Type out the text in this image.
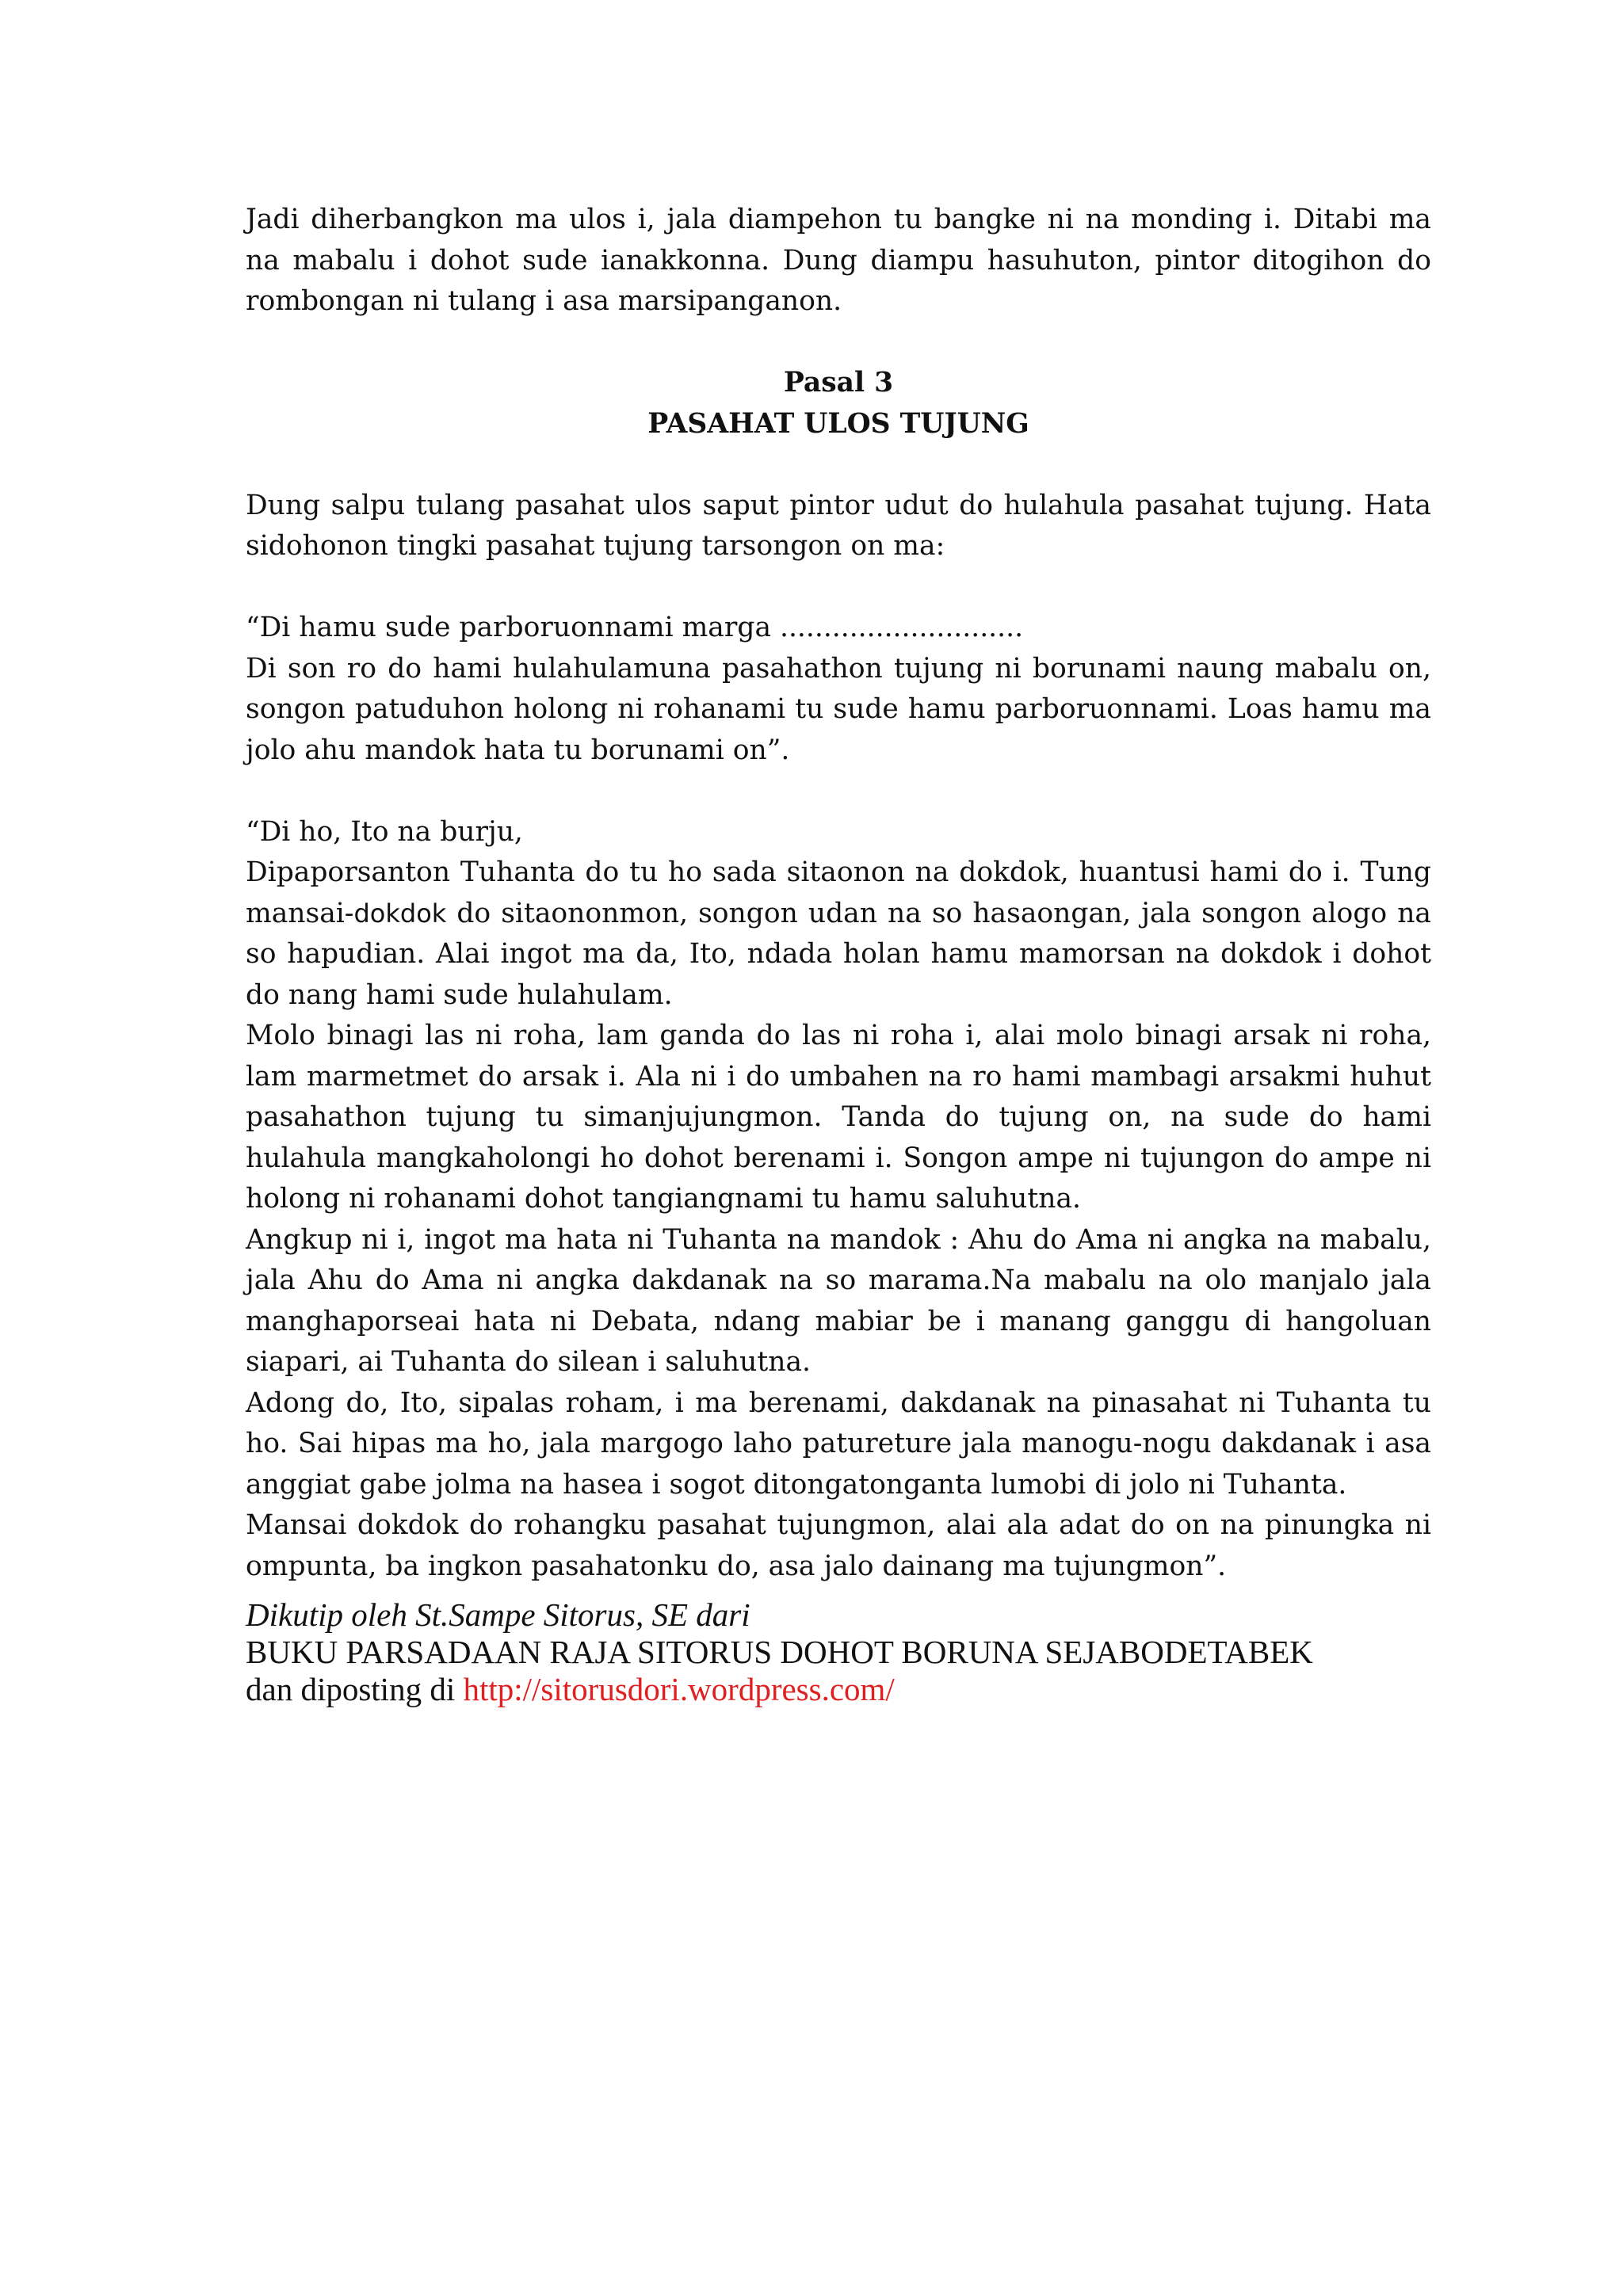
Jadi diherbangkon ma ulos i, jala diampehon tu bangke ni na monding i. Ditabi ma na mabalu i dohot sude ianakkonna. Dung diampu hasuhuton, pintor ditogihon do rombongan ni tulang i asa marsipanganon.

Pasal 3

PASAHAT ULOS TUJUNG

Dung salpu tulang pasahat ulos saput pintor udut do hulahula pasahat tujung. Hata sidohonon tingki pasahat tujung tarsongon on ma:

“Di hamu sude parboruonnami marga ............................

Di son ro do hami hulahulamuna pasahathon tujung ni borunami naung mabalu on, songon patuduhon holong ni rohanami tu sude hamu parboruonnami. Loas hamu ma jolo ahu mandok hata tu borunami on”.

“Di ho, Ito na burju,

Dipaporsanton Tuhanta do tu ho sada sitaonon na dokdok, huantusi hami do i. Tung mansai-dokdok do sitaononmon, songon udan na so hasaongan, jala songon alogo na so hapudian. Alai ingot ma da, Ito, ndada holan hamu mamorsan na dokdok i dohot do nang hami sude hulahulam.

Molo binagi las ni roha, lam ganda do las ni roha i, alai molo binagi arsak ni roha, lam marmetmet do arsak i. Ala ni i do umbahen na ro hami mambagi arsakmi huhut pasahathon tujung tu simanjujungmon. Tanda do tujung on, na sude do hami hulahula mangkaholongi ho dohot berenami i. Songon ampe ni tujungon do ampe ni holong ni rohanami dohot tangiangnami tu hamu saluhutna.

Angkup ni i, ingot ma hata ni Tuhanta na mandok : Ahu do Ama ni angka na mabalu, jala Ahu do Ama ni angka dakdanak na so marama.Na mabalu na olo manjalo jala manghaporseai hata ni Debata, ndang mabiar be i manang ganggu di hangoluan siapari, ai Tuhanta do silean i saluhutna.

Adong do, Ito, sipalas roham, i ma berenami, dakdanak na pinasahat ni Tuhanta tu ho. Sai hipas ma ho, jala margogo laho patureture jala manogu-nogu dakdanak i asa anggiat gabe jolma na hasea i sogot ditongatonganta lumobi di jolo ni Tuhanta.

Mansai dokdok do rohangku pasahat tujungmon, alai ala adat do on na pinungka ni ompunta, ba ingkon pasahatonku do, asa jalo dainang ma tujungmon”.

Dikutip oleh St.Sampe Sitorus, SE dari

BUKU PARSADAAN RAJA SITORUS DOHOT BORUNA SEJABODETABEK

dan diposting di http://sitorusdori.wordpress.com/
